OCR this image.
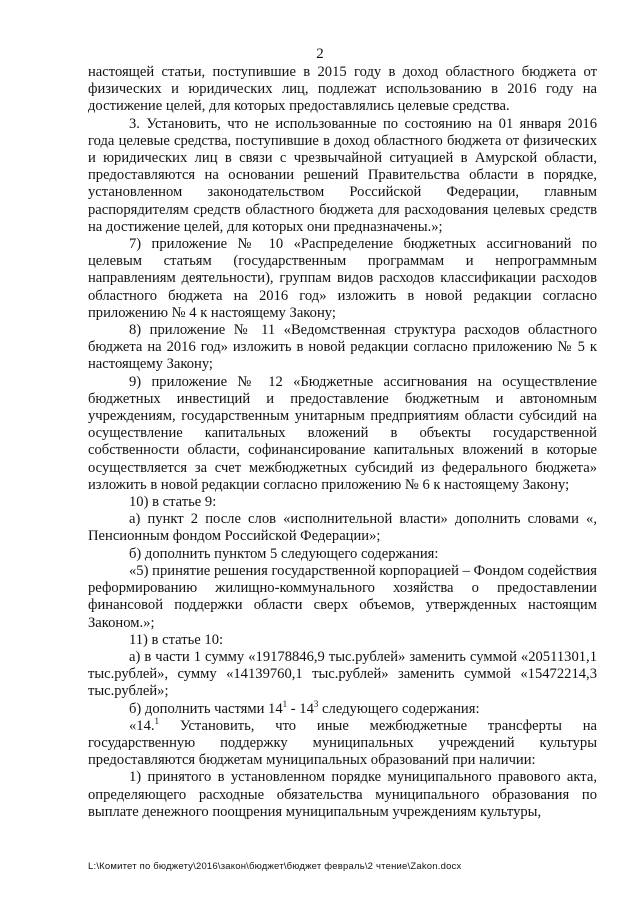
2

настоящей статьи, поступившие в 2015 году в доход областного бюджета от физических и юридических лиц, подлежат использованию в 2016 году на достижение целей, для которых предоставлялись целевые средства.

3. Установить, что не использованные по состоянию на 01 января 2016 года целевые средства, поступившие в доход областного бюджета от физических и юридических лиц в связи с чрезвычайной ситуацией в Амурской области, предоставляются на основании решений Правительства области в порядке, установленном законодательством Российской Федерации, главным распорядителям средств областного бюджета для расходования целевых средств на достижение целей, для которых они предназначены.»;

7) приложение № 10 «Распределение бюджетных ассигнований по целевым статьям (государственным программам и непрограммным направлениям деятельности), группам видов расходов классификации расходов областного бюджета на 2016 год» изложить в новой редакции согласно приложению № 4 к настоящему Закону;

8) приложение № 11 «Ведомственная структура расходов областного бюджета на 2016 год» изложить в новой редакции согласно приложению № 5 к настоящему Закону;

9) приложение № 12 «Бюджетные ассигнования на осуществление бюджетных инвестиций и предоставление бюджетным и автономным учреждениям, государственным унитарным предприятиям области субсидий на осуществление капитальных вложений в объекты государственной собственности области, софинансирование капитальных вложений в которые осуществляется за счет межбюджетных субсидий из федерального бюджета» изложить в новой редакции согласно приложению № 6 к настоящему Закону;

10) в статье 9:

а) пункт 2 после слов «исполнительной власти» дополнить словами «, Пенсионным фондом Российской Федерации»;

б) дополнить пунктом 5 следующего содержания:

«5) принятие решения государственной корпорацией – Фондом содействия реформированию жилищно-коммунального хозяйства о предоставлении финансовой поддержки области сверх объемов, утвержденных настоящим Законом.»;

11) в статье 10:

а) в части 1 сумму «19178846,9 тыс.рублей» заменить суммой «20511301,1 тыс.рублей», сумму «14139760,1 тыс.рублей» заменить суммой «15472214,3 тыс.рублей»;

б) дополнить частями $14^1 - 14^3$ следующего содержания:

«14.$^1$ Установить, что иные межбюджетные трансферты на государственную поддержку муниципальных учреждений культуры предоставляются бюджетам муниципальных образований при наличии:

1) принятого в установленном порядке муниципального правового акта, определяющего расходные обязательства муниципального образования по выплате денежного поощрения муниципальным учреждениям культуры,

L:\Комитет по бюджету\2016\закон\бюджет\бюджет февраль\2 чтение\Zakon.docx
